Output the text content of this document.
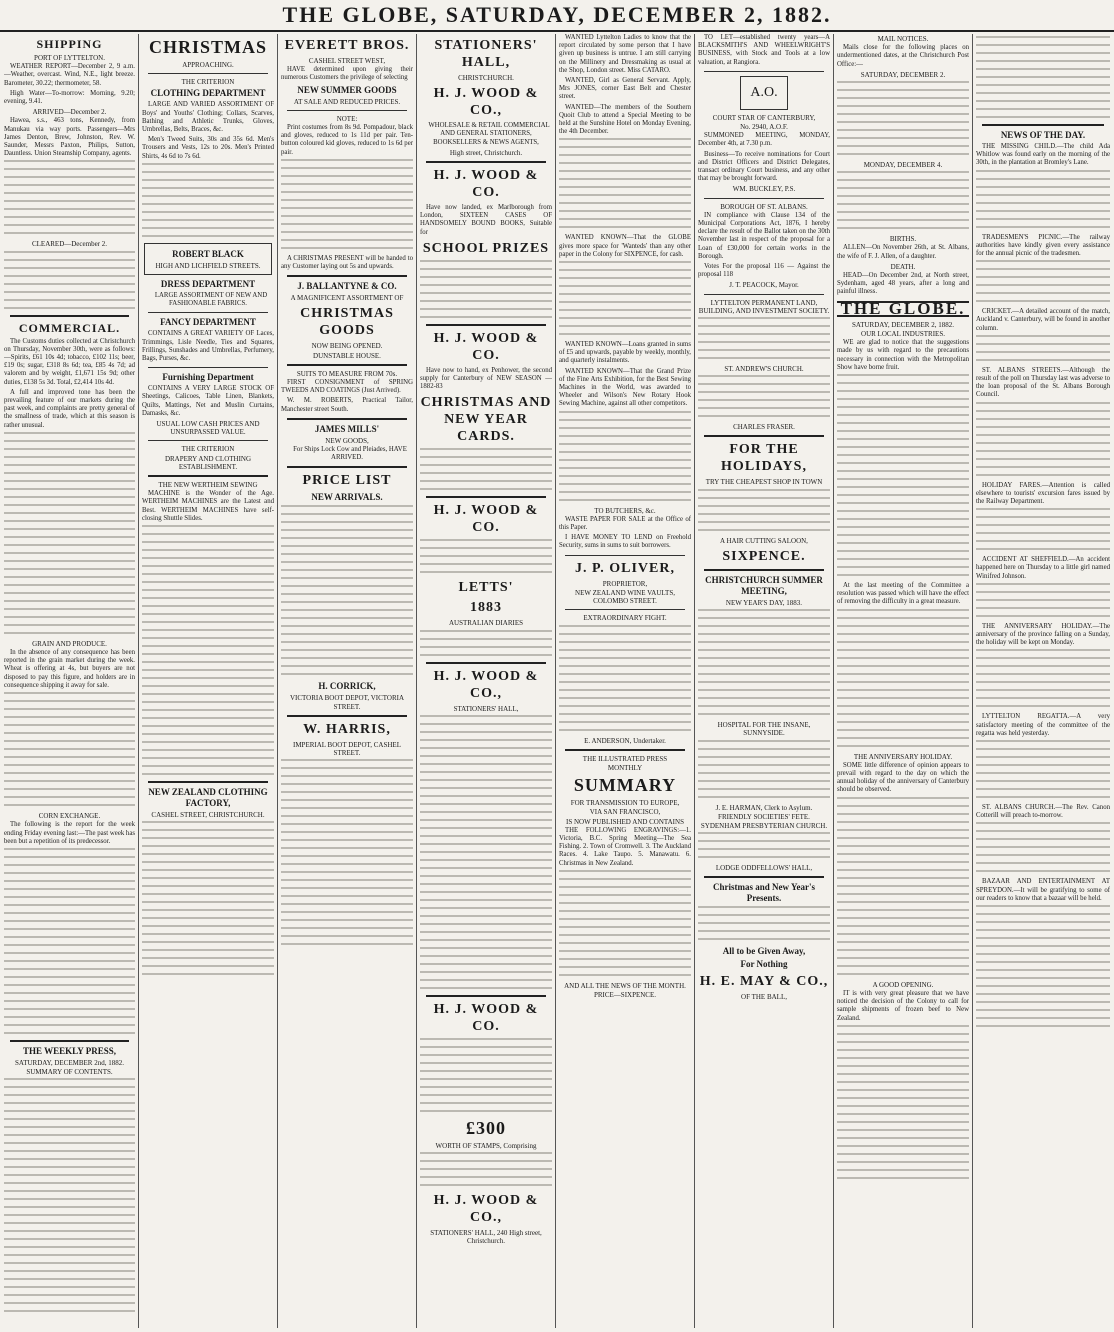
THE GLOBE, SATURDAY, DECEMBER 2, 1882.
SHIPPING
PORT OF LYTTELTON.

WEATHER REPORT—December 2, 9 a.m.—Weather, overcast. Wind, N.E., light breeze. Barometer, 30.22; thermometer, 58.

High Water—To-morrow: Morning, 9.20; evening, 9.41.

ARRIVED—December 2.

Hawea, s.s., 463 tons, Kennedy, from Manukau via way ports. Passengers—Mrs James Denton, Brew, Johnston, Rev. W. Saunder, Messrs Paxton, Philips, Sutton, Dauntless. Union Steamship Company, agents.

CLEARED—December 2.
COMMERCIAL.

The Customs duties collected at Christchurch on Thursday, November 30th, were as follows:—Spirits, £61 10s 4d; tobacco, £102 11s; beer, £19 0s; sugar, £318 8s 6d; tea, £85 4s 7d; ad valorem and by weight, £1,671 15s 9d; other duties, £138 5s 3d. Total, £2,414 10s 4d.

A full and improved tone has been the prevailing feature of our markets during the past week, and complaints are pretty general of the smallness of trade, which at this season is rather unusual.

GRAIN AND PRODUCE.

In the absence of any consequence has been reported in the grain market during the week. Wheat is offering at 4s, but buyers are not disposed to pay this figure, and holders are in consequence shipping it away for sale.

CORN EXCHANGE.

The following is the report for the week ending Friday evening last:—The past week has been but a repetition of its predecessor.

THE WEEKLY PRESS,
SATURDAY, DECEMBER 2nd, 1882.
SUMMARY OF CONTENTS.
CHRISTMAS
APPROACHING.
THE CRITERION
CLOTHING DEPARTMENT

LARGE AND VARIED ASSORTMENT OF Boys' and Youths' Clothing; Collars, Scarves, Bathing and Athletic Trunks, Gloves, Umbrellas, Belts, Braces, &c.

Men's Tweed Suits, 30s and 35s 6d. Men's Trousers and Vests, 12s to 20s. Men's Printed Shirts, 4s 6d to 7s 6d.

ROBERT BLACK
HIGH AND LICHFIELD STREETS.
DRESS DEPARTMENT

LARGE ASSORTMENT OF NEW AND FASHIONABLE FABRICS.

FANCY DEPARTMENT

CONTAINS A GREAT VARIETY OF Laces, Trimmings, Lisle Needle, Ties and Squares, Frillings, Sunshades and Umbrellas, Perfumery, Bags, Purses, &c.

Furnishing Department

CONTAINS A VERY LARGE STOCK OF Sheetings, Calicoes, Table Linen, Blankets, Quilts, Mattings, Net and Muslin Curtains, Damasks, &c.

USUAL LOW CASH PRICES AND UNSURPASSED VALUE.
THE CRITERION
DRAPERY AND CLOTHING ESTABLISHMENT.
THE NEW WERTHEIM SEWING

MACHINE is the Wonder of the Age. WERTHEIM MACHINES are the Latest and Best. WERTHEIM MACHINES have self-closing Shuttle Slides.

NEW ZEALAND CLOTHING FACTORY,
CASHEL STREET, CHRISTCHURCH.
EVERETT BROS.
CASHEL STREET WEST,

HAVE determined upon giving their numerous Customers the privilege of selecting

NEW SUMMER GOODS
AT SALE AND REDUCED PRICES.
NOTE:

Print costumes from 8s 9d. Pompadour, black and gloves, reduced to 1s 11d per pair. Ten-button coloured kid gloves, reduced to 1s 6d per pair.

A CHRISTMAS PRESENT will be handed to any Customer laying out 5s and upwards.

J. BALLANTYNE & CO.
A MAGNIFICENT ASSORTMENT OF
CHRISTMAS GOODS
NOW BEING OPENED.
DUNSTABLE HOUSE.
SUITS TO MEASURE FROM 70s.

FIRST CONSIGNMENT of SPRING TWEEDS AND COATINGS (Just Arrived).

W. M. ROBERTS, Practical Tailor, Manchester street South.

JAMES MILLS'
NEW GOODS,

For Ships Lock Cow and Pleiades, HAVE ARRIVED.

PRICE LIST
NEW ARRIVALS.
H. CORRICK,
VICTORIA BOOT DEPOT, VICTORIA STREET.
W. HARRIS,
IMPERIAL BOOT DEPOT, CASHEL STREET.
STATIONERS' HALL,
CHRISTCHURCH.
H. J. WOOD & CO.,

WHOLESALE & RETAIL COMMERCIAL AND GENERAL STATIONERS, BOOKSELLERS & NEWS AGENTS,

High street, Christchurch.
H. J. WOOD & CO.

Have now landed, ex Marlborough from London, SIXTEEN CASES OF HANDSOMELY BOUND BOOKS, Suitable for

SCHOOL PRIZES
H. J. WOOD & CO.

Have now to hand, ex Penhower, the second supply for Canterbury of NEW SEASON — 1882-83

CHRISTMAS AND NEW YEAR CARDS.
H. J. WOOD & CO.
LETTS'
1883
AUSTRALIAN DIARIES
H. J. WOOD & CO.,
STATIONERS' HALL,
H. J. WOOD & CO.
£300
WORTH OF STAMPS, Comprising
H. J. WOOD & CO.,
STATIONERS' HALL, 240 High street, Christchurch.

WANTED Lyttelton Ladies to know that the report circulated by some person that I have given up business is untrue. I am still carrying on the Millinery and Dressmaking as usual at the Shop, London street. Miss CATARO.

WANTED, Girl as General Servant. Apply, Mrs JONES, corner East Belt and Chester street.

WANTED—The members of the Southern Quoit Club to attend a Special Meeting to be held at the Sunshine Hotel on Monday Evening, the 4th December.

WANTED KNOWN—That the GLOBE gives more space for 'Wanteds' than any other paper in the Colony for SIXPENCE, for cash.

WANTED KNOWN—Loans granted in sums of £5 and upwards, payable by weekly, monthly, and quarterly instalments.

WANTED KNOWN—That the Grand Prize of the Fine Arts Exhibition, for the Best Sewing Machines in the World, was awarded to Wheeler and Wilson's New Rotary Hook Sewing Machine, against all other competitors.

TO BUTCHERS, &c.

WASTE PAPER FOR SALE at the Office of this Paper.

I HAVE MONEY TO LEND on Freehold Security, sums in sums to suit borrowers.

J. P. OLIVER,
PROPRIETOR,
NEW ZEALAND WINE VAULTS, COLOMBO STREET.
EXTRAORDINARY FIGHT.
E. ANDERSON, Undertaker.
THE ILLUSTRATED PRESS
MONTHLY
SUMMARY
FOR TRANSMISSION TO EUROPE,
VIA SAN FRANCISCO,
IS NOW PUBLISHED AND CONTAINS

THE FOLLOWING ENGRAVINGS:—1. Victoria, B.C. Spring Meeting—The Sea Fishing. 2. Town of Cromwell. 3. The Auckland Races. 4. Lake Taupo. 5. Manawatu. 6. Christmas in New Zealand.

AND ALL THE NEWS OF THE MONTH.
PRICE—SIXPENCE.

TO LET—established twenty years—A BLACKSMITH'S AND WHEELWRIGHT'S BUSINESS, with Stock and Tools at a low valuation, at Rangiora.

A.O.
COURT STAR OF CANTERBURY,
No. 2940, A.O.F.

SUMMONED MEETING, MONDAY, December 4th, at 7.30 p.m.

Business—To receive nominations for Court and District Officers and District Delegates, transact ordinary Court business, and any other that may be brought forward.

WM. BUCKLEY, P.S.
BOROUGH OF ST. ALBANS.

IN compliance with Clause 134 of the Municipal Corporations Act, 1876, I hereby declare the result of the Ballot taken on the 30th November last in respect of the proposal for a Loan of £30,000 for certain works in the Borough.

Votes For the proposal 116 — Against the proposal 118

J. T. PEACOCK, Mayor.
LYTTELTON PERMANENT LAND, BUILDING, AND INVESTMENT SOCIETY.
ST. ANDREW'S CHURCH.
CHARLES FRASER.
FOR THE HOLIDAYS,
TRY THE CHEAPEST SHOP IN TOWN
A HAIR CUTTING SALOON,
SIXPENCE.
CHRISTCHURCH SUMMER MEETING,
NEW YEAR'S DAY, 1883.
HOSPITAL FOR THE INSANE, SUNNYSIDE.
J. E. HARMAN, Clerk to Asylum.
FRIENDLY SOCIETIES' FETE.
SYDENHAM PRESBYTERIAN CHURCH.
LODGE ODDFELLOWS' HALL,
Christmas and New Year's Presents.
All to be Given Away,
For Nothing
H. E. MAY & CO.,
OF THE BALL,
MAIL NOTICES.

Mails close for the following places on undermentioned dates, at the Christchurch Post Office:—

SATURDAY, DECEMBER 2.
MONDAY, DECEMBER 4.
BIRTHS.

ALLEN—On November 26th, at St. Albans, the wife of F. J. Allen, of a daughter.

DEATH.

HEAD—On December 2nd, at North street, Sydenham, aged 48 years, after a long and painful illness.

THE GLOBE.
SATURDAY, DECEMBER 2, 1882.
OUR LOCAL INDUSTRIES.

WE are glad to notice that the suggestions made by us with regard to the precautions necessary in connection with the Metropolitan Show have borne fruit.

At the last meeting of the Committee a resolution was passed which will have the effect of removing the difficulty in a great measure.

THE ANNIVERSARY HOLIDAY.

SOME little difference of opinion appears to prevail with regard to the day on which the annual holiday of the anniversary of Canterbury should be observed.

A GOOD OPENING.

IT is with very great pleasure that we have noticed the decision of the Colony to call for sample shipments of frozen beef to New Zealand.

NEWS OF THE DAY.

THE MISSING CHILD.—The child Ada Whitlow was found early on the morning of the 30th, in the plantation at Bromley's Lane.

TRADESMEN'S PICNIC.—The railway authorities have kindly given every assistance for the annual picnic of the tradesmen.

CRICKET.—A detailed account of the match, Auckland v. Canterbury, will be found in another column.

ST. ALBANS STREETS.—Although the result of the poll on Thursday last was adverse to the loan proposal of the St. Albans Borough Council.

HOLIDAY FARES.—Attention is called elsewhere to tourists' excursion fares issued by the Railway Department.

ACCIDENT AT SHEFFIELD.—An accident happened here on Thursday to a little girl named Winifred Johnson.

THE ANNIVERSARY HOLIDAY.—The anniversary of the province falling on a Sunday, the holiday will be kept on Monday.

LYTTELTON REGATTA.—A very satisfactory meeting of the committee of the regatta was held yesterday.

ST. ALBANS CHURCH.—The Rev. Canon Cotterill will preach to-morrow.

BAZAAR AND ENTERTAINMENT AT SPREYDON.—It will be gratifying to some of our readers to know that a bazaar will be held.
